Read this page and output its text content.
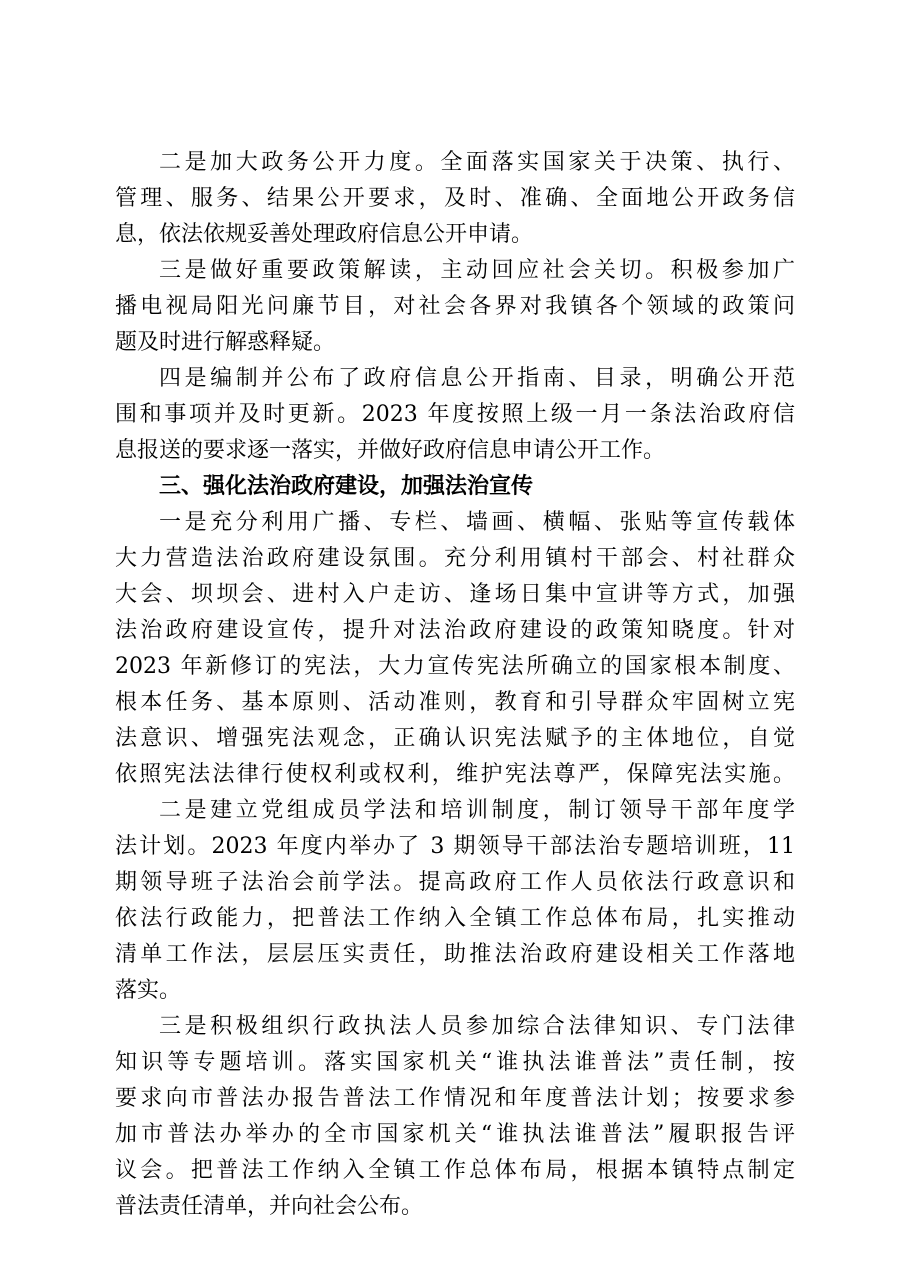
二是加大政务公开力度。全面落实国家关于决策、执行、
管理、服务、结果公开要求，及时、准确、全面地公开政务信
息，依法依规妥善处理政府信息公开申请。
三是做好重要政策解读，主动回应社会关切。积极参加广
播电视局阳光问廉节目，对社会各界对我镇各个领域的政策问
题及时进行解惑释疑。
四是编制并公布了政府信息公开指南、目录，明确公开范
围和事项并及时更新。2023 年度按照上级一月一条法治政府信
息报送的要求逐一落实，并做好政府信息申请公开工作。
三、强化法治政府建设，加强法治宣传
一是充分利用广播、专栏、墙画、横幅、张贴等宣传载体
大力营造法治政府建设氛围。充分利用镇村干部会、村社群众
大会、坝坝会、进村入户走访、逢场日集中宣讲等方式，加强
法治政府建设宣传，提升对法治政府建设的政策知晓度。针对
2023 年新修订的宪法，大力宣传宪法所确立的国家根本制度、
根本任务、基本原则、活动准则，教育和引导群众牢固树立宪
法意识、增强宪法观念，正确认识宪法赋予的主体地位，自觉
依照宪法法律行使权利或权利，维护宪法尊严，保障宪法实施。
二是建立党组成员学法和培训制度，制订领导干部年度学
法计划。2023 年度内举办了 3 期领导干部法治专题培训班，11
期领导班子法治会前学法。提高政府工作人员依法行政意识和
依法行政能力，把普法工作纳入全镇工作总体布局，扎实推动
清单工作法，层层压实责任，助推法治政府建设相关工作落地
落实。
三是积极组织行政执法人员参加综合法律知识、专门法律
知识等专题培训。落实国家机关“谁执法谁普法”责任制，按
要求向市普法办报告普法工作情况和年度普法计划；按要求参
加市普法办举办的全市国家机关“谁执法谁普法”履职报告评
议会。把普法工作纳入全镇工作总体布局，根据本镇特点制定
普法责任清单，并向社会公布。
